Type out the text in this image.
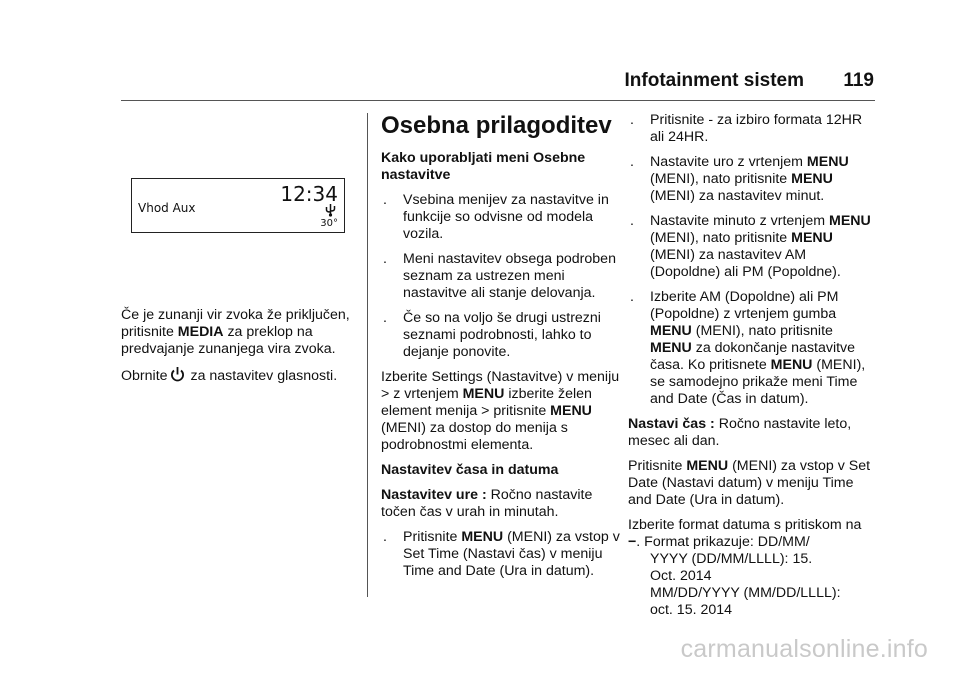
Infotainment sistem 119
Vhod Aux
12:34
30°

Če je zunanji vir zvoka že priključen, pritisnite MEDIA za preklop na predvajanje zunanjega vira zvoka.

Obrnite za nastavitev glasnosti.

Osebna prilagoditev

Kako uporabljati meni Osebne nastavitve

. Vsebina menijev za nastavitve in funkcije so odvisne od modela vozila.
. Meni nastavitev obsega podroben seznam za ustrezen meni nastavitve ali stanje delovanja.
. Če so na voljo še drugi ustrezni seznami podrobnosti, lahko to dejanje ponovite.

Izberite Settings (Nastavitve) v meniju > z vrtenjem MENU izberite želen element menija > pritisnite MENU (MENI) za dostop do menija s podrobnostmi elementa.

Nastavitev časa in datuma

Nastavitev ure : Ročno nastavite točen čas v urah in minutah.

. Pritisnite MENU (MENI) za vstop v Set Time (Nastavi čas) v meniju Time and Date (Ura in datum).
. Pritisnite - za izbiro formata 12HR ali 24HR.
. Nastavite uro z vrtenjem MENU (MENI), nato pritisnite MENU (MENI) za nastavitev minut.
. Nastavite minuto z vrtenjem MENU (MENI), nato pritisnite MENU (MENI) za nastavitev AM (Dopoldne) ali PM (Popoldne).
. Izberite AM (Dopoldne) ali PM (Popoldne) z vrtenjem gumba MENU (MENI), nato pritisnite MENU za dokončanje nastavitve časa. Ko pritisnete MENU (MENI), se samodejno prikaže meni Time and Date (Čas in datum).

Nastavi čas : Ročno nastavite leto, mesec ali dan.

Pritisnite MENU (MENI) za vstop v Set Date (Nastavi datum) v meniju Time and Date (Ura in datum).

Izberite format datuma s pritiskom na −. Format prikazuje: DD/MM/

YYYY (DD/MM/LLLL): 15.
Oct. 2014
MM/DD/YYYY (MM/DD/LLLL):
oct. 15. 2014
carmanualsonline.info
